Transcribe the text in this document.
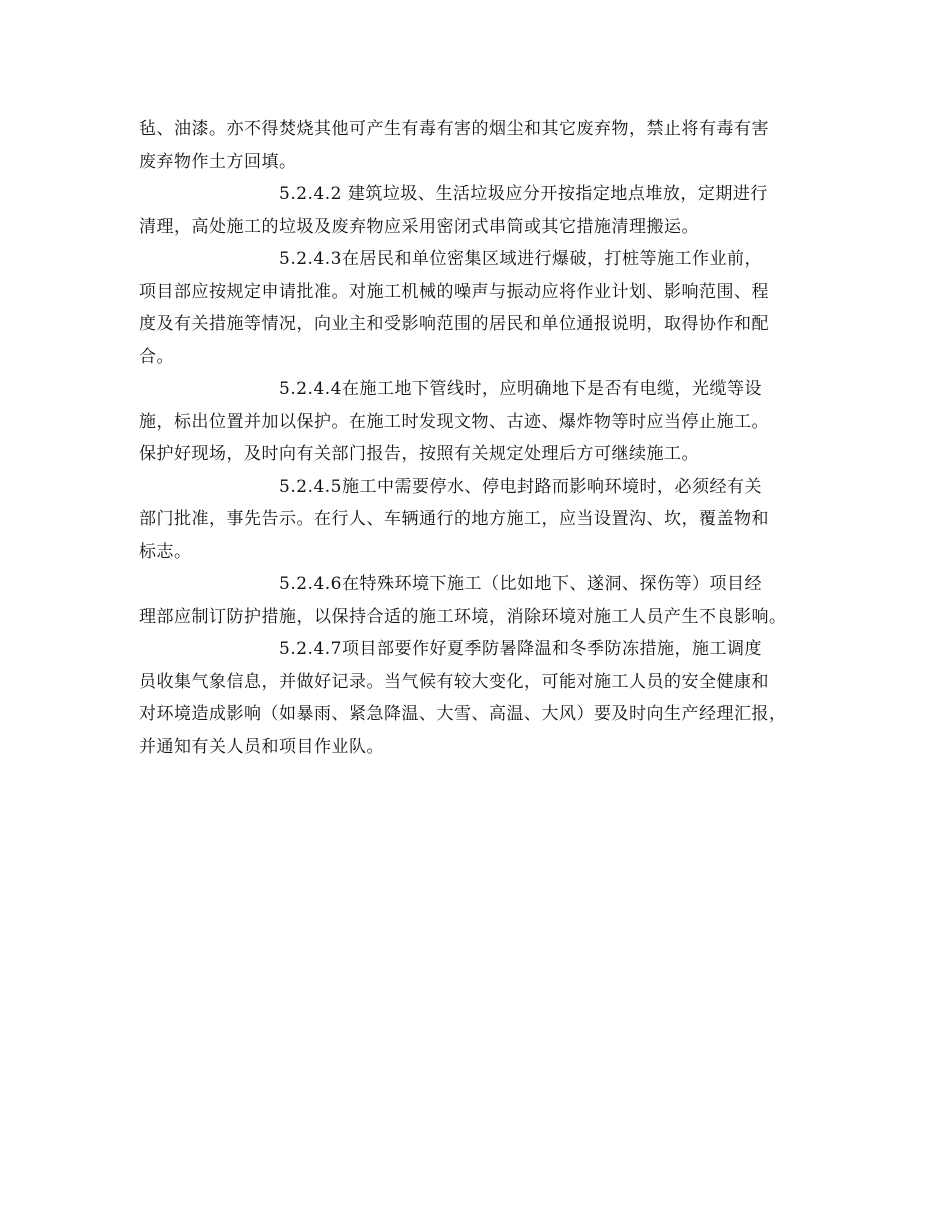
毡、油漆。亦不得焚烧其他可产生有毒有害的烟尘和其它废弃物，禁止将有毒有害
废弃物作土方回填。
5.2.4.2 建筑垃圾、生活垃圾应分开按指定地点堆放，定期进行
清理，高处施工的垃圾及废弃物应采用密闭式串筒或其它措施清理搬运。
5.2.4.3在居民和单位密集区域进行爆破，打桩等施工作业前，
项目部应按规定申请批准。对施工机械的噪声与振动应将作业计划、影响范围、程
度及有关措施等情况，向业主和受影响范围的居民和单位通报说明，取得协作和配
合。
5.2.4.4在施工地下管线时，应明确地下是否有电缆，光缆等设
施，标出位置并加以保护。在施工时发现文物、古迹、爆炸物等时应当停止施工。
保护好现场，及时向有关部门报告，按照有关规定处理后方可继续施工。
5.2.4.5施工中需要停水、停电封路而影响环境时，必须经有关
部门批准，事先告示。在行人、车辆通行的地方施工，应当设置沟、坎，覆盖物和
标志。
5.2.4.6在特殊环境下施工（比如地下、遂洞、探伤等）项目经
理部应制订防护措施，以保持合适的施工环境，消除环境对施工人员产生不良影响。
5.2.4.7项目部要作好夏季防暑降温和冬季防冻措施，施工调度
员收集气象信息，并做好记录。当气候有较大变化，可能对施工人员的安全健康和
对环境造成影响（如暴雨、紧急降温、大雪、高温、大风）要及时向生产经理汇报，
并通知有关人员和项目作业队。
